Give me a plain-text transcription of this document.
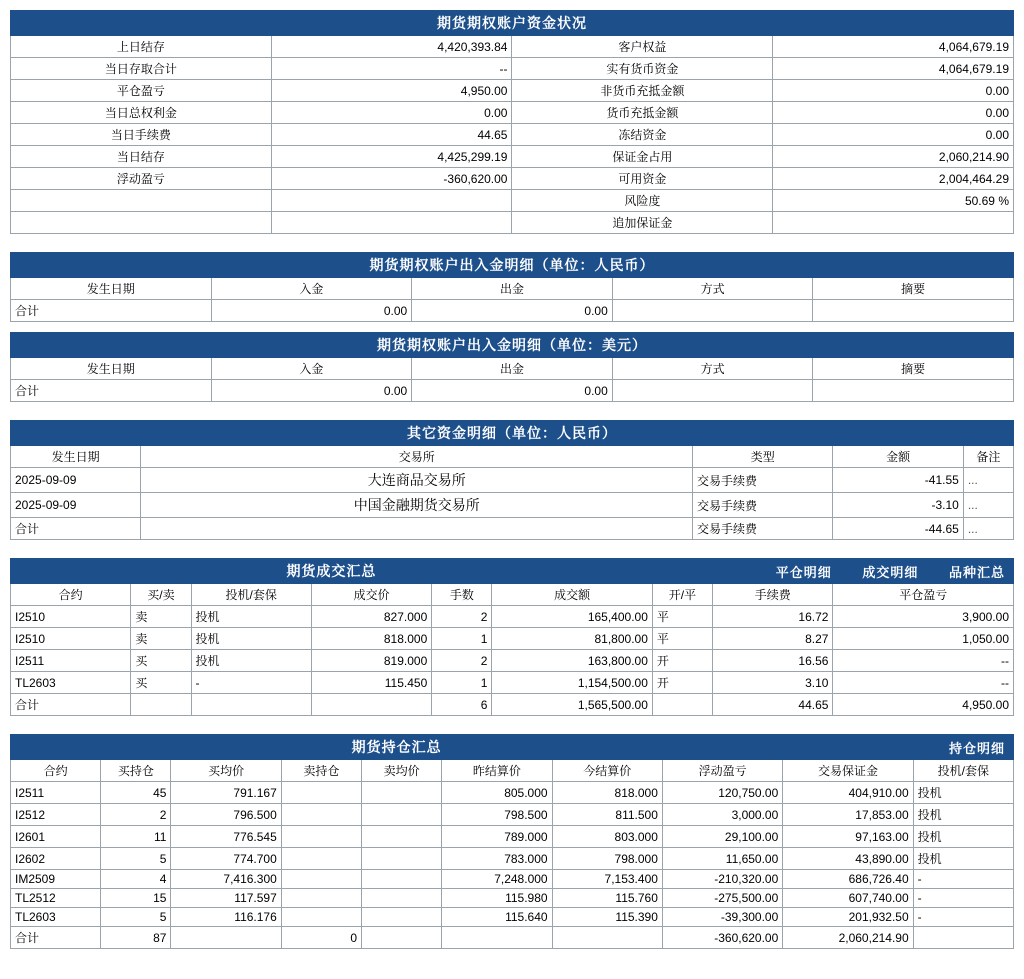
期货期权账户资金状况			
上日结存	4,420,393.84	客户权益	4,064,679.19
当日存取合计	--	实有货币资金	4,064,679.19
平仓盈亏	4,950.00	非货币充抵金额	0.00
当日总权利金	0.00	货币充抵金额	0.00
当日手续费	44.65	冻结资金	0.00
当日结存	4,425,299.19	保证金占用	2,060,214.90
浮动盈亏	-360,620.00	可用资金	2,004,464.29
		风险度	50.69 %
		追加保证金	
期货期权账户出入金明细（单位：人民币）				
发生日期	入金	出金	方式	摘要
合计	0.00	0.00		
期货期权账户出入金明细（单位：美元）				
发生日期	入金	出金	方式	摘要
合计	0.00	0.00		
其它资金明细（单位：人民币）				
发生日期	交易所	类型	金额	备注
2025-09-09	大连商品交易所	交易手续费	-41.55	...
2025-09-09	中国金融期货交易所	交易手续费	-3.10	...
合计		交易手续费	-44.65	...
期货成交汇总						平仓明细 成交明细 品种汇总		
合约	买/卖	投机/套保	成交价	手数	成交额	开/平	手续费	平仓盈亏
I2510	卖	投机	827.000	2	165,400.00	平	16.72	3,900.00
I2510	卖	投机	818.000	1	81,800.00	平	8.27	1,050.00
I2511	买	投机	819.000	2	163,800.00	开	16.56	--
TL2603	买	-	115.450	1	1,154,500.00	开	3.10	--
合计				6	1,565,500.00		44.65	4,950.00
期货持仓汇总								持仓明细	
合约	买持仓	买均价	卖持仓	卖均价	昨结算价	今结算价	浮动盈亏	交易保证金	投机/套保
I2511	45	791.167			805.000	818.000	120,750.00	404,910.00	投机
I2512	2	796.500			798.500	811.500	3,000.00	17,853.00	投机
I2601	11	776.545			789.000	803.000	29,100.00	97,163.00	投机
I2602	5	774.700			783.000	798.000	11,650.00	43,890.00	投机
IM2509	4	7,416.300			7,248.000	7,153.400	-210,320.00	686,726.40	-
TL2512	15	117.597			115.980	115.760	-275,500.00	607,740.00	-
TL2603	5	116.176			115.640	115.390	-39,300.00	201,932.50	-
合计	87		0				-360,620.00	2,060,214.90	
